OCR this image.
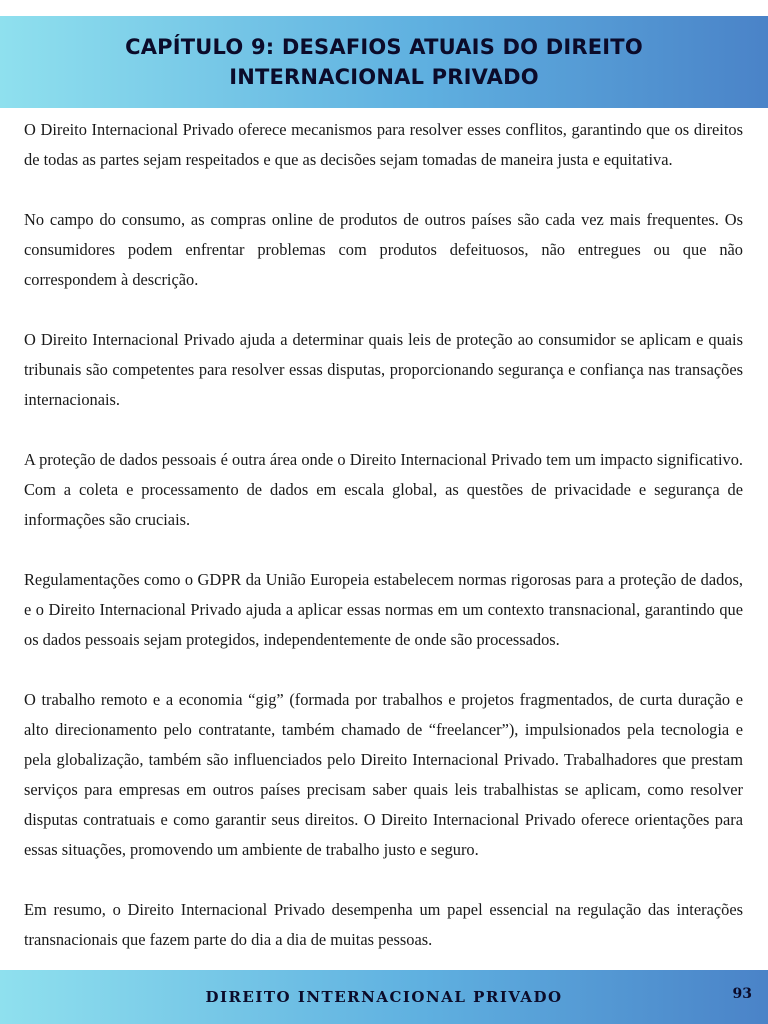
CAPÍTULO 9: DESAFIOS ATUAIS DO DIREITO
INTERNACIONAL PRIVADO

O Direito Internacional Privado oferece mecanismos para resolver esses conflitos, garantindo que os direitos de todas as partes sejam respeitados e que as decisões sejam tomadas de maneira justa e equitativa.

No campo do consumo, as compras online de produtos de outros países são cada vez mais frequentes. Os consumidores podem enfrentar problemas com produtos defeituosos, não entregues ou que não correspondem à descrição.

O Direito Internacional Privado ajuda a determinar quais leis de proteção ao consumidor se aplicam e quais tribunais são competentes para resolver essas disputas, proporcionando segurança e confiança nas transações internacionais.

A proteção de dados pessoais é outra área onde o Direito Internacional Privado tem um impacto significativo. Com a coleta e processamento de dados em escala global, as questões de privacidade e segurança de informações são cruciais.

Regulamentações como o GDPR da União Europeia estabelecem normas rigorosas para a proteção de dados, e o Direito Internacional Privado ajuda a aplicar essas normas em um contexto transnacional, garantindo que os dados pessoais sejam protegidos, independentemente de onde são processados.

O trabalho remoto e a economia “gig” (formada por trabalhos e projetos fragmentados, de curta duração e alto direcionamento pelo contratante, também chamado de “freelancer”), impulsionados pela tecnologia e pela globalização, também são influenciados pelo Direito Internacional Privado. Trabalhadores que prestam serviços para empresas em outros países precisam saber quais leis trabalhistas se aplicam, como resolver disputas contratuais e como garantir seus direitos. O Direito Internacional Privado oferece orientações para essas situações, promovendo um ambiente de trabalho justo e seguro.

Em resumo, o Direito Internacional Privado desempenha um papel essencial na regulação das interações transnacionais que fazem parte do dia a dia de muitas pessoas.

DIREITO INTERNACIONAL PRIVADO	93
